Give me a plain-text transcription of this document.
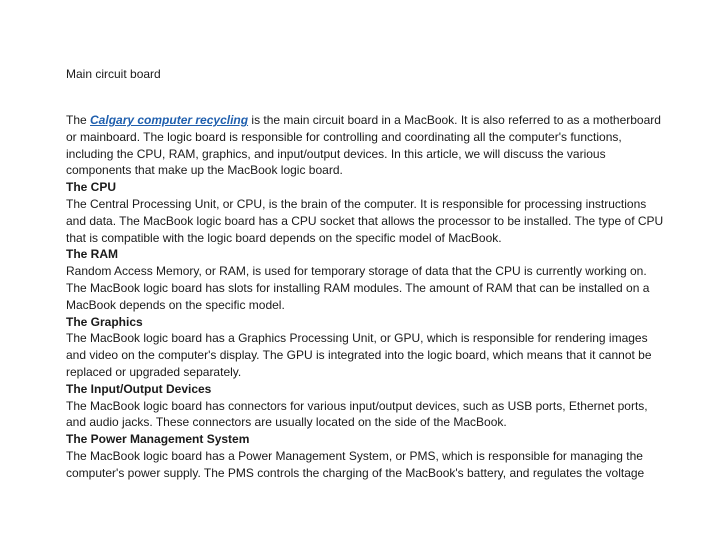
Main circuit board

The Calgary computer recycling is the main circuit board in a MacBook. It is also referred to as a motherboard or mainboard. The logic board is responsible for controlling and coordinating all the computer's functions, including the CPU, RAM, graphics, and input/output devices. In this article, we will discuss the various components that make up the MacBook logic board.

The CPU

The Central Processing Unit, or CPU, is the brain of the computer. It is responsible for processing instructions and data. The MacBook logic board has a CPU socket that allows the processor to be installed. The type of CPU that is compatible with the logic board depends on the specific model of MacBook.

The RAM

Random Access Memory, or RAM, is used for temporary storage of data that the CPU is currently working on. The MacBook logic board has slots for installing RAM modules. The amount of RAM that can be installed on a MacBook depends on the specific model.

The Graphics

The MacBook logic board has a Graphics Processing Unit, or GPU, which is responsible for rendering images and video on the computer's display. The GPU is integrated into the logic board, which means that it cannot be replaced or upgraded separately.

The Input/Output Devices

The MacBook logic board has connectors for various input/output devices, such as USB ports, Ethernet ports, and audio jacks. These connectors are usually located on the side of the MacBook.

The Power Management System

The MacBook logic board has a Power Management System, or PMS, which is responsible for managing the computer's power supply. The PMS controls the charging of the MacBook's battery, and regulates the voltage
